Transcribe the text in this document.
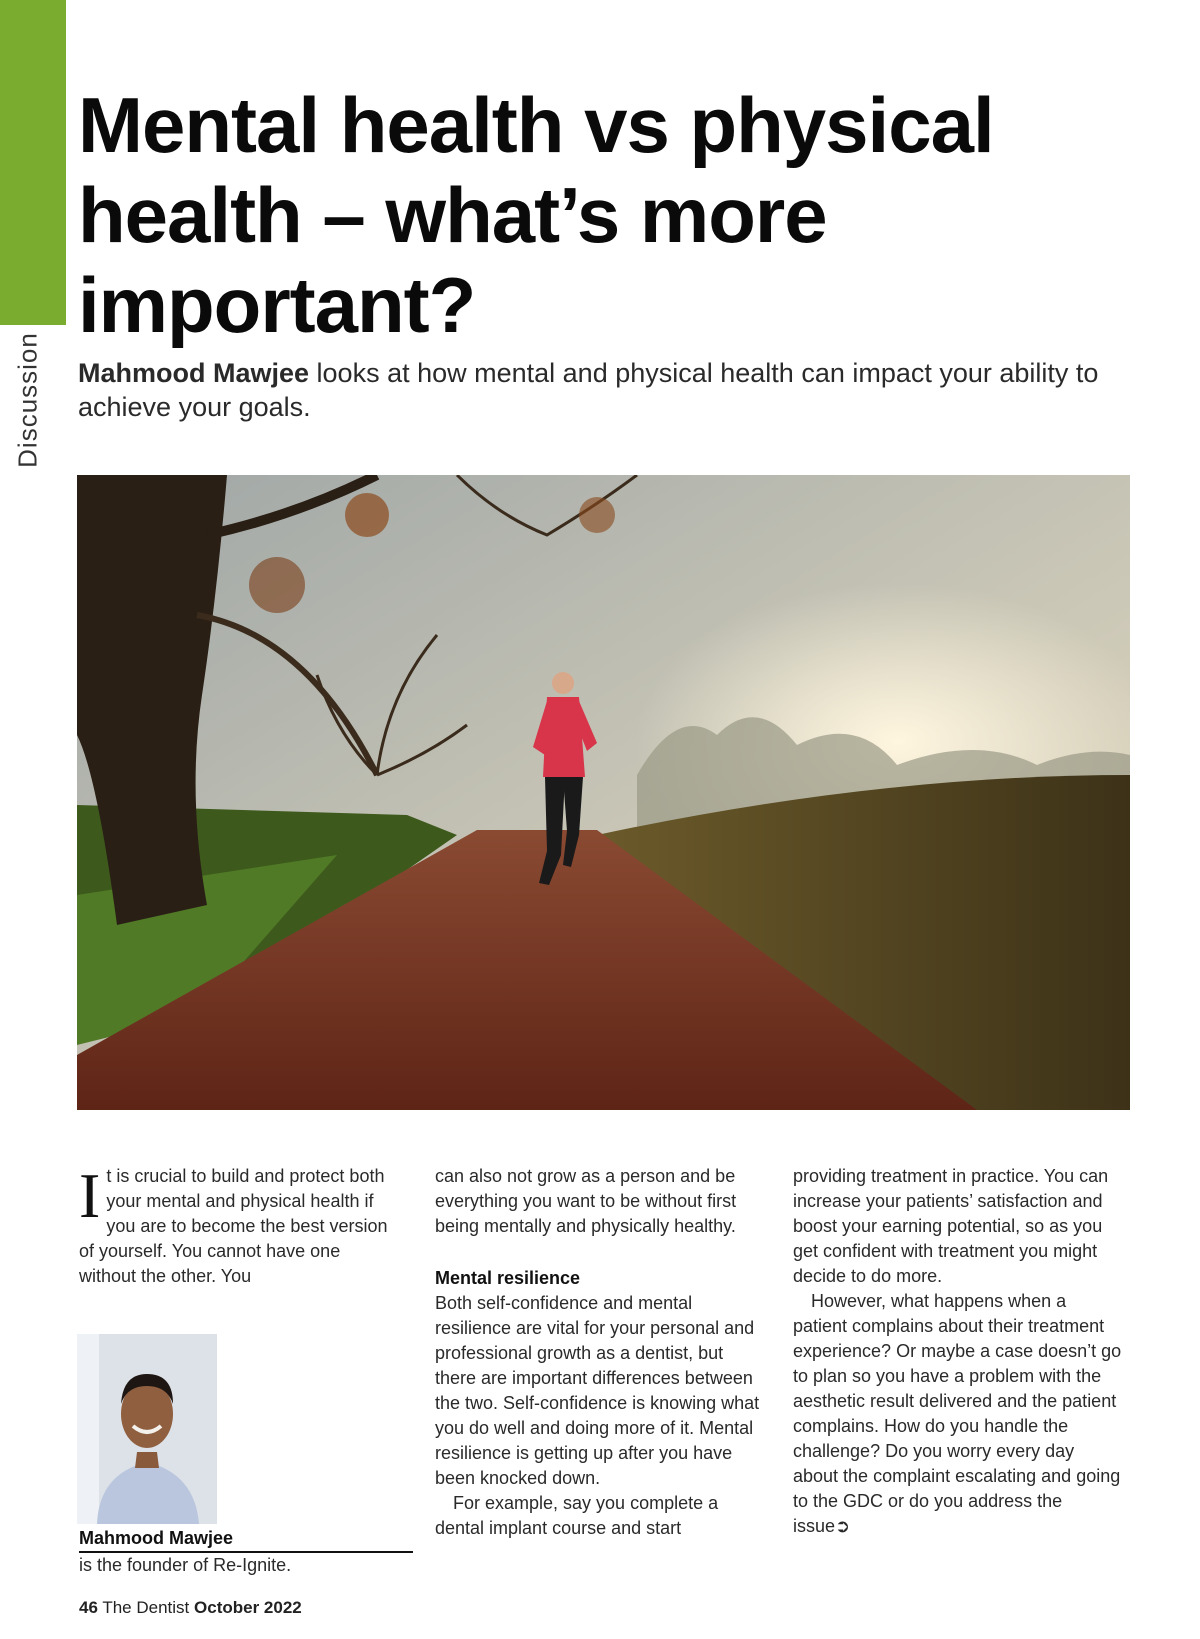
Discussion
Mental health vs physical health – what’s more important?
Mahmood Mawjee looks at how mental and physical health can impact your ability to achieve your goals.

It is crucial to build and protect both your mental and physical health if you are to become the best version of yourself. You cannot have one without the other. You

Mahmood Mawjee
is the founder of Re-Ignite.

can also not grow as a person and be everything you want to be without first being mentally and physically healthy.

Mental resilience

Both self-confidence and mental resilience are vital for your personal and professional growth as a dentist, but there are important differences between the two. Self-confidence is knowing what you do well and doing more of it. Mental resilience is getting up after you have been knocked down.

For example, say you complete a dental implant course and start

providing treatment in practice. You can increase your patients’ satisfaction and boost your earning potential, so as you get confident with treatment you might decide to do more.

However, what happens when a patient complains about their treatment experience? Or maybe a case doesn’t go to plan so you have a problem with the aesthetic result delivered and the patient complains. How do you handle the challenge? Do you worry every day about the complaint escalating and going to the GDC or do you address the issue➲

46 The Dentist October 2022
